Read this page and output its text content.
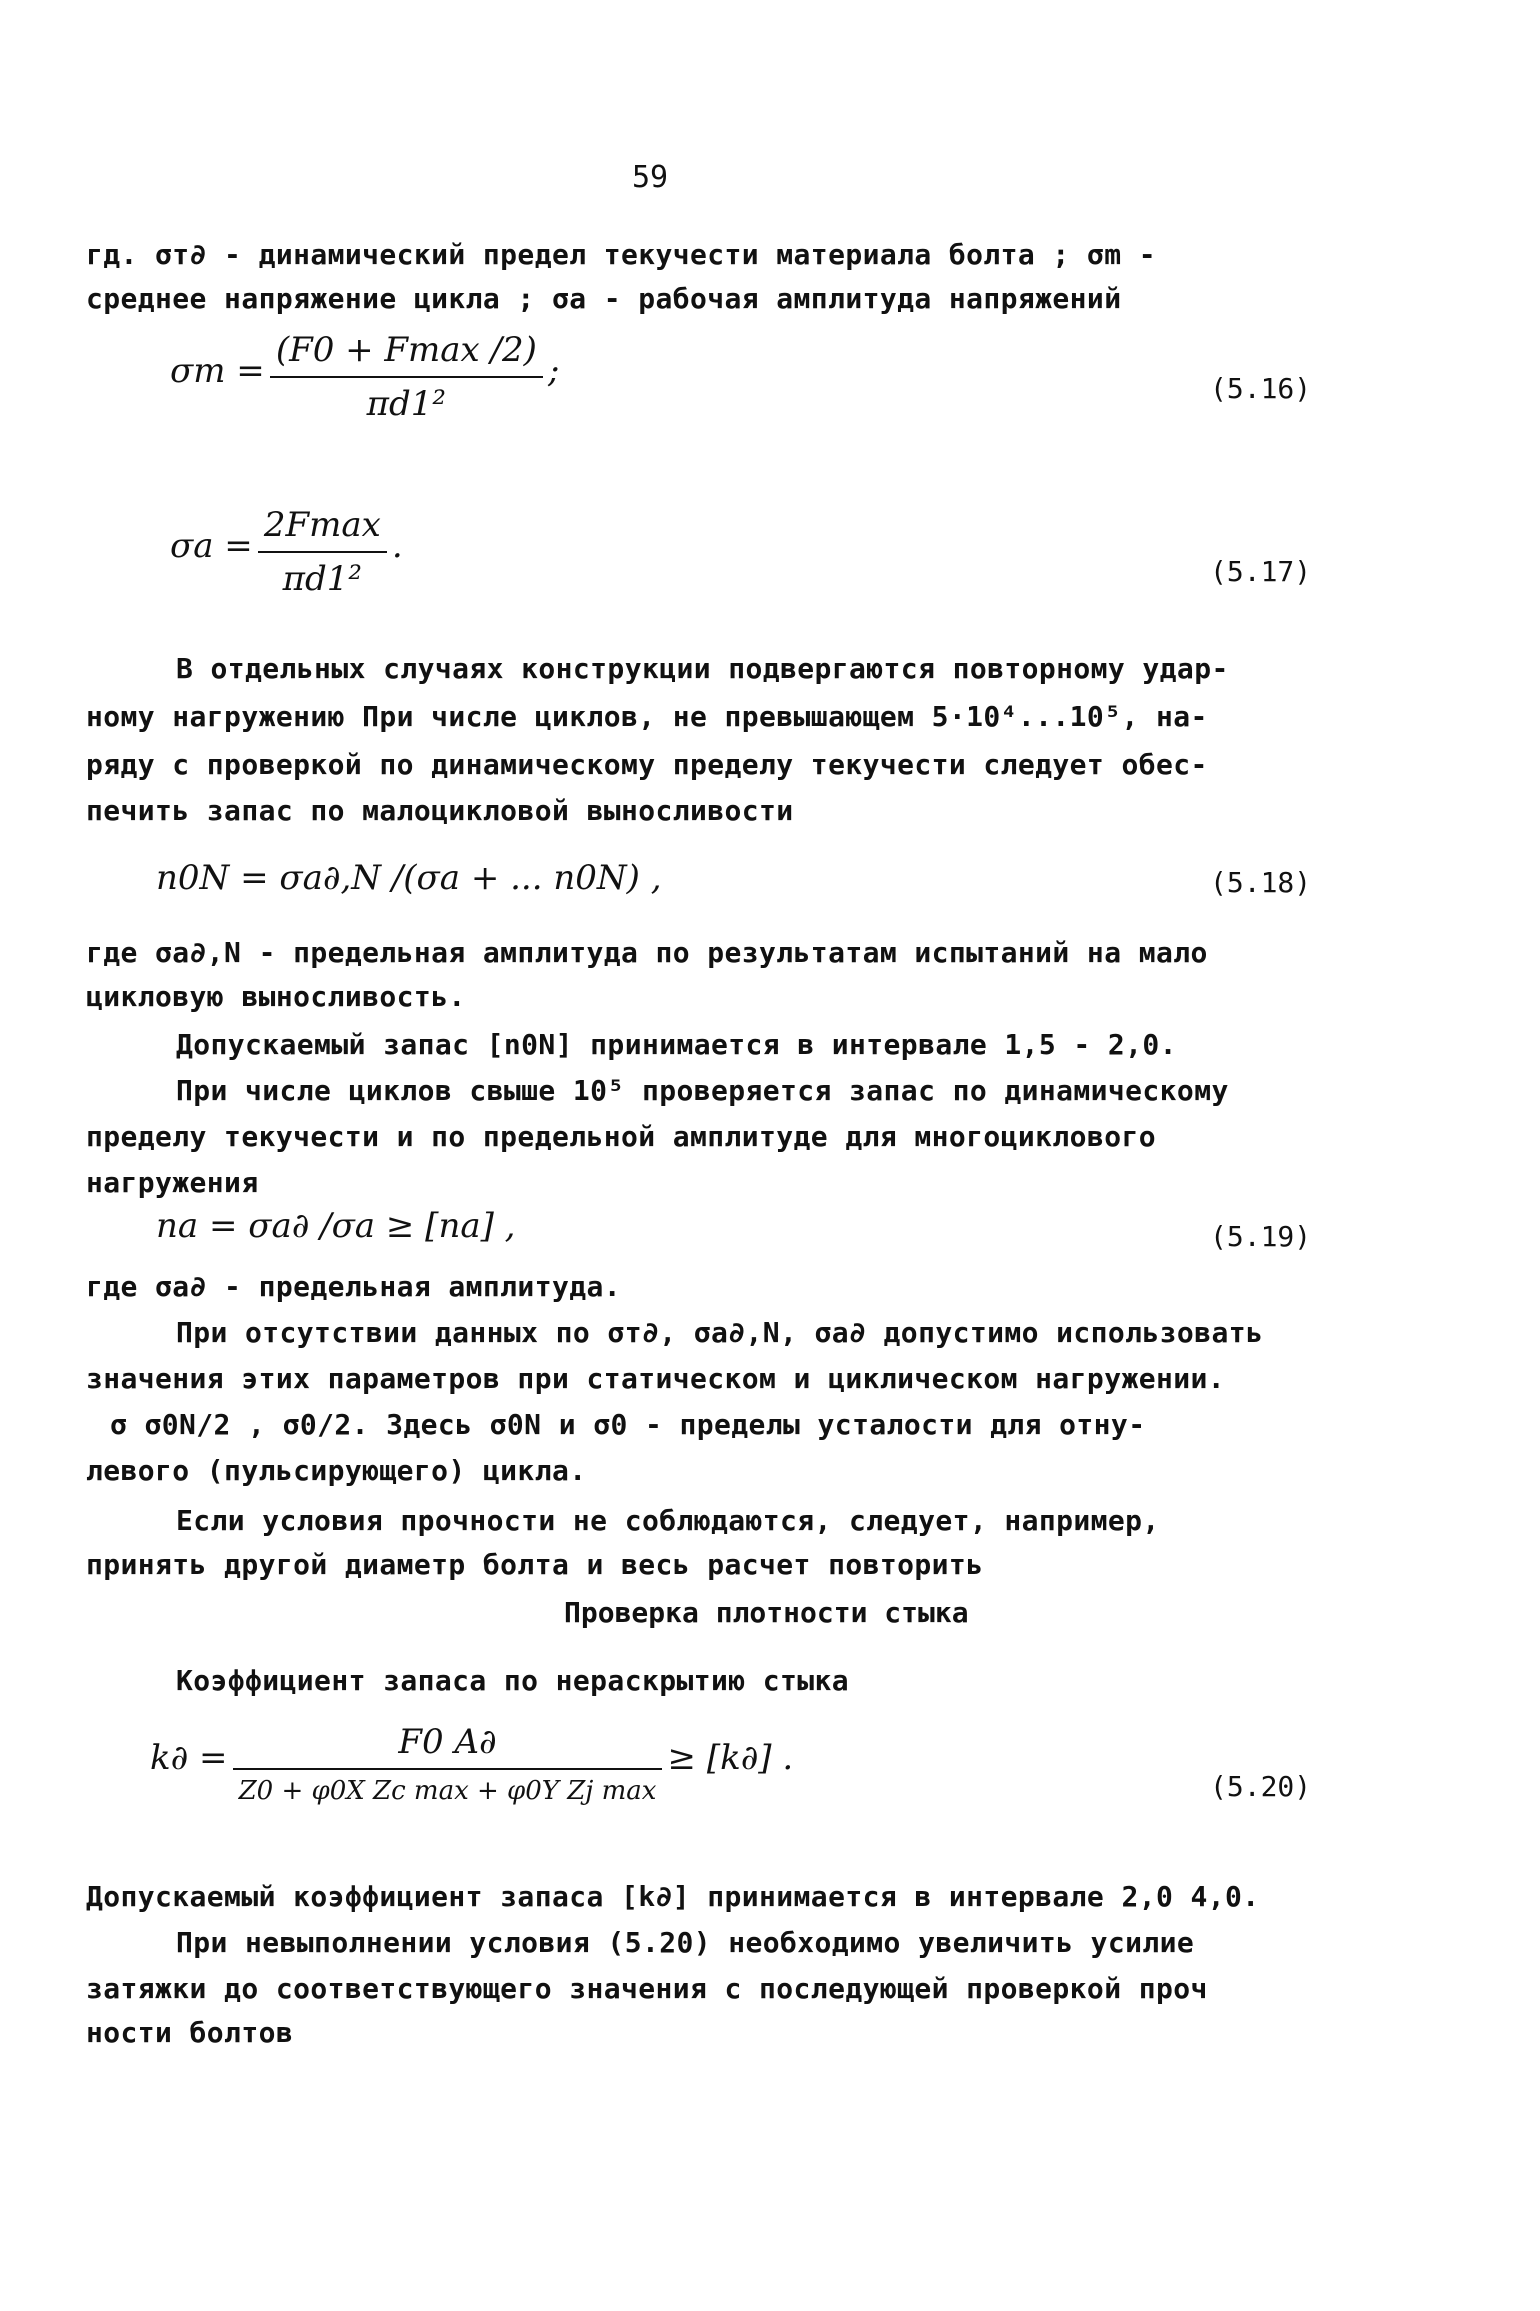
59
гд. σт∂ - динамический предел текучести материала болта ; σm -
среднее напряжение цикла ; σa - рабочая амплитуда напряжений
$\sigma m = \frac{(F0 + Fmax /2)}{\text{πd1²}}$ ;	(5.16)
$\sigma a = \frac{2Fmax}{\text{πd1²}}$ .
(5.17)
В отдельных случаях конструкции подвергаются повторному удар-
ному нагружению При числе циклов, не превышающем 5·10⁴...10⁵, на-
ряду с проверкой по динамическому пределу текучести следует обес-
печить запас по малоцикловой выносливости
n0N = σa∂,N /(σa + ... n0N) ,	(5.18)
где σa∂,N - предельная амплитуда по результатам испытаний на мало
цикловую выносливость.
Допускаемый запас [n0N] принимается в интервале 1,5 - 2,0.
При числе циклов свыше 10⁵ проверяется запас по динамическому
пределу текучести и по предельной амплитуде для многоциклового
нагружения
na = σa∂ /σa ≥ [na] ,	(5.19)
где σa∂ - предельная амплитуда.
При отсутствии данных по σт∂, σa∂,N, σa∂ допустимо использовать
значения этих параметров при статическом и циклическом нагружении.
σ σ0N/2 , σ0/2. Здесь σ0N и σ0 - пределы усталости для отну-
левого (пульсирующего) цикла.
Если условия прочности не соблюдаются, следует, например,
принять другой диаметр болта и весь расчет повторить
Проверка плотности стыка
Коэффициент запаса по нераскрытию стыка
$k\partial = \frac{F0 A\partial}{\text{Z0 + φ0X Zc max + φ0Y Zj max}} \ge [k\partial]$ .
(5.20)
Допускаемый коэффициент запаса [k∂] принимается в интервале 2,0 4,0.
При невыполнении условия (5.20) необходимо увеличить усилие
затяжки до соответствующего значения с последующей проверкой проч
ности болтов
